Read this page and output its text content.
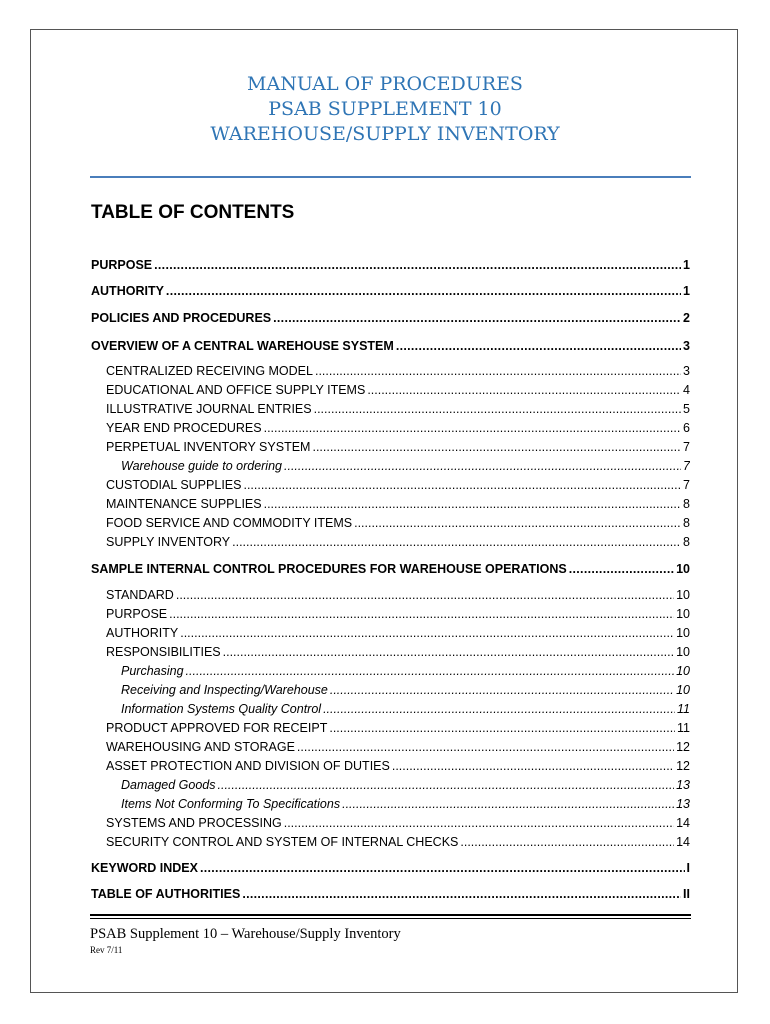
MANUAL OF PROCEDURES
PSAB SUPPLEMENT 10
WAREHOUSE/SUPPLY INVENTORY
TABLE OF CONTENTS
PURPOSE .....	1
AUTHORITY .....	1
POLICIES AND PROCEDURES .....	2
OVERVIEW OF A CENTRAL WAREHOUSE SYSTEM .....	3
CENTRALIZED RECEIVING MODEL .....	3
EDUCATIONAL AND OFFICE SUPPLY ITEMS .....	4
ILLUSTRATIVE JOURNAL ENTRIES .....	5
YEAR END PROCEDURES .....	6
PERPETUAL INVENTORY SYSTEM .....	7
Warehouse guide to ordering .....	7
CUSTODIAL SUPPLIES .....	7
MAINTENANCE SUPPLIES .....	8
FOOD SERVICE AND COMMODITY ITEMS .....	8
SUPPLY INVENTORY .....	8
SAMPLE INTERNAL CONTROL PROCEDURES FOR WAREHOUSE OPERATIONS .....	10
STANDARD .....	10
PURPOSE .....	10
AUTHORITY .....	10
RESPONSIBILITIES .....	10
Purchasing .....	10
Receiving and Inspecting/Warehouse .....	10
Information Systems Quality Control .....	11
PRODUCT APPROVED FOR RECEIPT .....	11
WAREHOUSING AND STORAGE .....	12
ASSET PROTECTION AND DIVISION OF DUTIES .....	12
Damaged Goods .....	13
Items Not Conforming To Specifications .....	13
SYSTEMS AND PROCESSING .....	14
SECURITY CONTROL AND SYSTEM OF INTERNAL CHECKS .....	14
KEYWORD INDEX .....	I
TABLE OF AUTHORITIES .....	II
PSAB Supplement 10 – Warehouse/Supply Inventory
Rev 7/11
